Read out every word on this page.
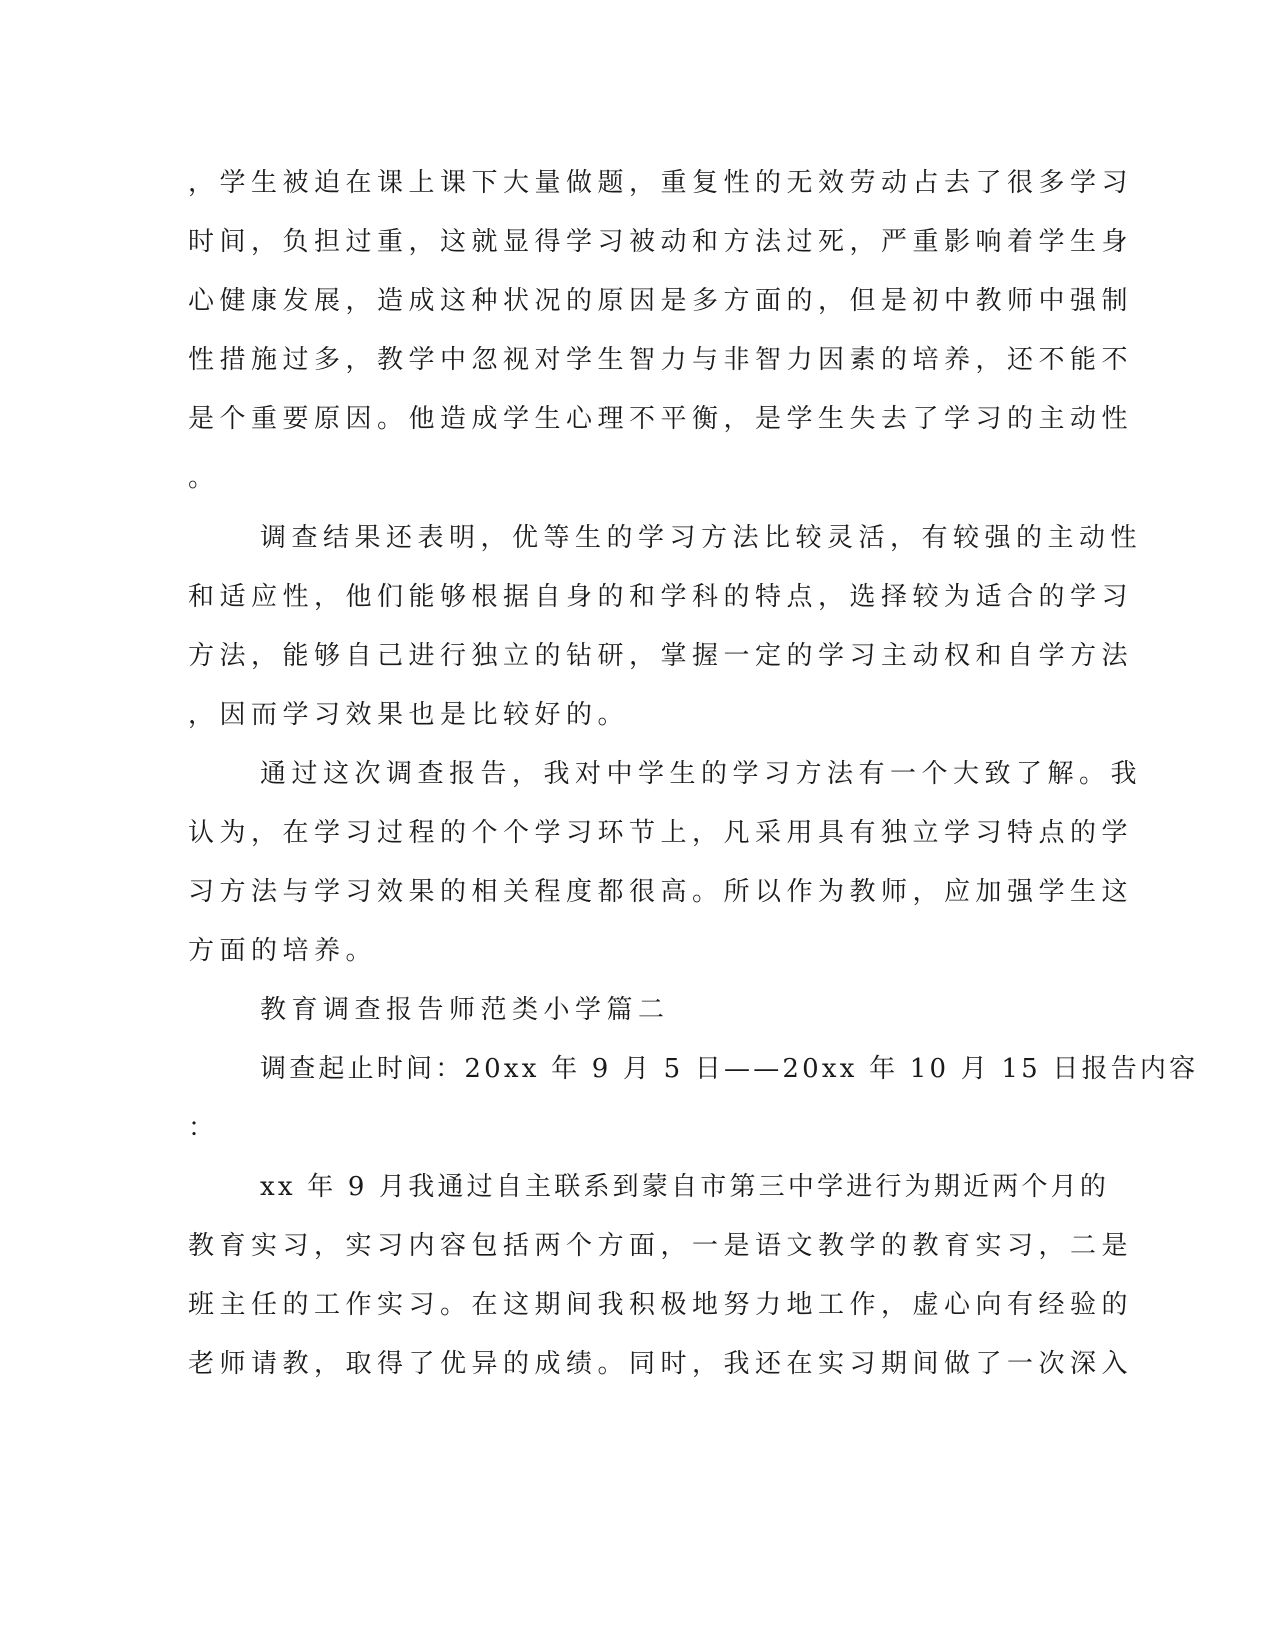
，学生被迫在课上课下大量做题，重复性的无效劳动占去了很多学习
时间，负担过重，这就显得学习被动和方法过死，严重影响着学生身
心健康发展，造成这种状况的原因是多方面的，但是初中教师中强制
性措施过多，教学中忽视对学生智力与非智力因素的培养，还不能不
是个重要原因。他造成学生心理不平衡，是学生失去了学习的主动性
。
调查结果还表明，优等生的学习方法比较灵活，有较强的主动性
和适应性，他们能够根据自身的和学科的特点，选择较为适合的学习
方法，能够自己进行独立的钻研，掌握一定的学习主动权和自学方法
，因而学习效果也是比较好的。
通过这次调查报告，我对中学生的学习方法有一个大致了解。我
认为，在学习过程的个个学习环节上，凡采用具有独立学习特点的学
习方法与学习效果的相关程度都很高。所以作为教师，应加强学生这
方面的培养。
教育调查报告师范类小学篇二
调查起止时间：20xx 年 9 月 5 日——20xx 年 10 月 15 日报告内容
：
xx 年 9 月我通过自主联系到蒙自市第三中学进行为期近两个月的
教育实习，实习内容包括两个方面，一是语文教学的教育实习，二是
班主任的工作实习。在这期间我积极地努力地工作，虚心向有经验的
老师请教，取得了优异的成绩。同时，我还在实习期间做了一次深入
